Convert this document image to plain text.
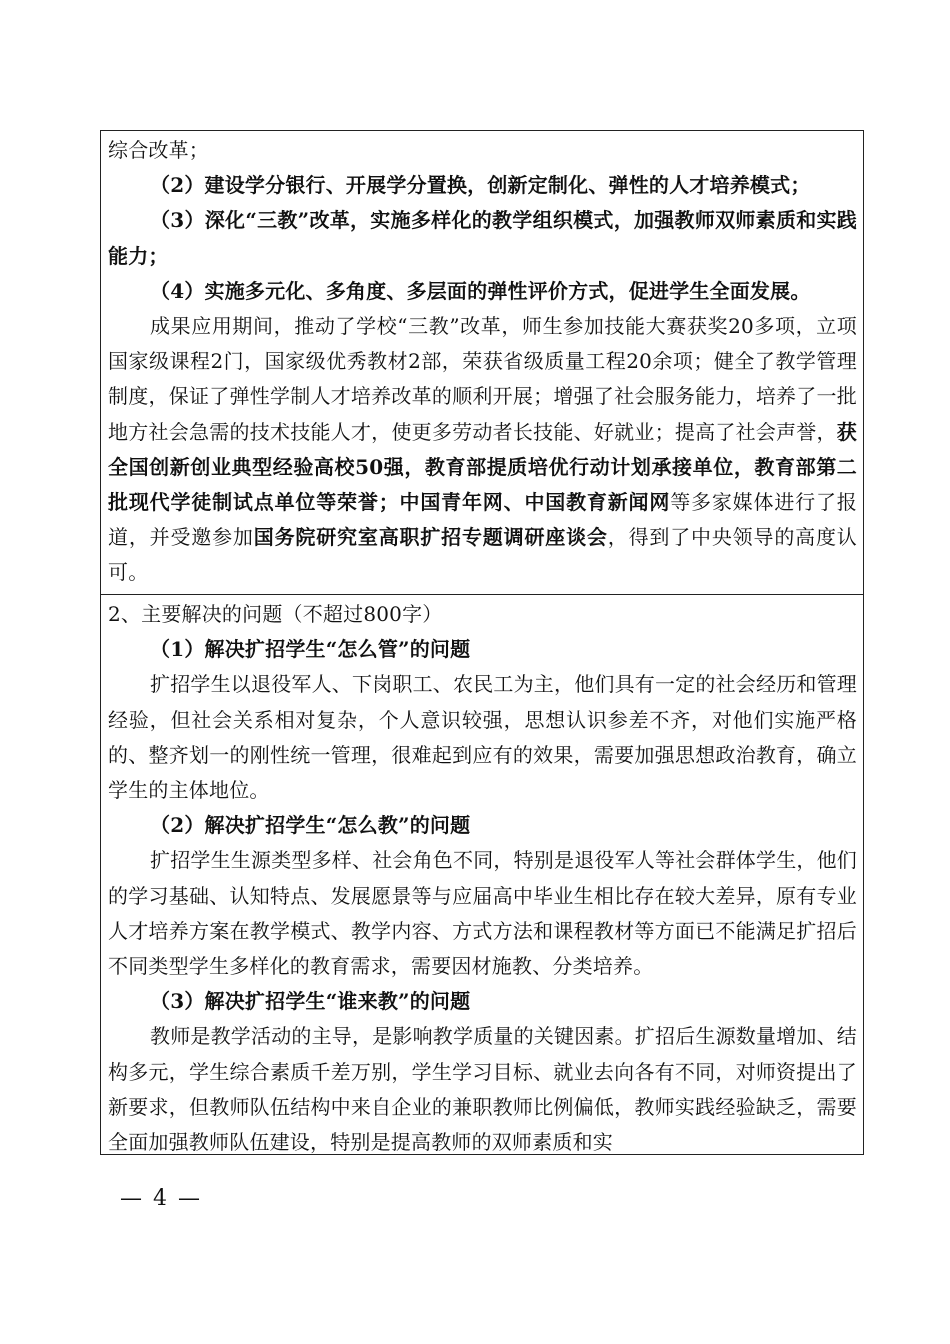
综合改革；

（2）建设学分银行、开展学分置换，创新定制化、弹性的人才培养模式；

（3）深化“三教”改革，实施多样化的教学组织模式，加强教师双师素质和实践能力；

（4）实施多元化、多角度、多层面的弹性评价方式，促进学生全面发展。

成果应用期间，推动了学校“三教”改革，师生参加技能大赛获奖20多项，立项国家级课程2门，国家级优秀教材2部，荣获省级质量工程20余项；健全了教学管理制度，保证了弹性学制人才培养改革的顺利开展；增强了社会服务能力，培养了一批地方社会急需的技术技能人才，使更多劳动者长技能、好就业；提高了社会声誉，获全国创新创业典型经验高校50强，教育部提质培优行动计划承接单位，教育部第二批现代学徒制试点单位等荣誉；中国青年网、中国教育新闻网等多家媒体进行了报道，并受邀参加国务院研究室高职扩招专题调研座谈会，得到了中央领导的高度认可。

2、主要解决的问题（不超过800字）

（1）解决扩招学生“怎么管”的问题

扩招学生以退役军人、下岗职工、农民工为主，他们具有一定的社会经历和管理经验，但社会关系相对复杂，个人意识较强，思想认识参差不齐，对他们实施严格的、整齐划一的刚性统一管理，很难起到应有的效果，需要加强思想政治教育，确立学生的主体地位。

（2）解决扩招学生“怎么教”的问题

扩招学生生源类型多样、社会角色不同，特别是退役军人等社会群体学生，他们的学习基础、认知特点、发展愿景等与应届高中毕业生相比存在较大差异，原有专业人才培养方案在教学模式、教学内容、方式方法和课程教材等方面已不能满足扩招后不同类型学生多样化的教育需求，需要因材施教、分类培养。

（3）解决扩招学生“谁来教”的问题

教师是教学活动的主导，是影响教学质量的关键因素。扩招后生源数量增加、结构多元，学生综合素质千差万别，学生学习目标、就业去向各有不同，对师资提出了新要求，但教师队伍结构中来自企业的兼职教师比例偏低，教师实践经验缺乏，需要全面加强教师队伍建设，特别是提高教师的双师素质和实

— 4 —
